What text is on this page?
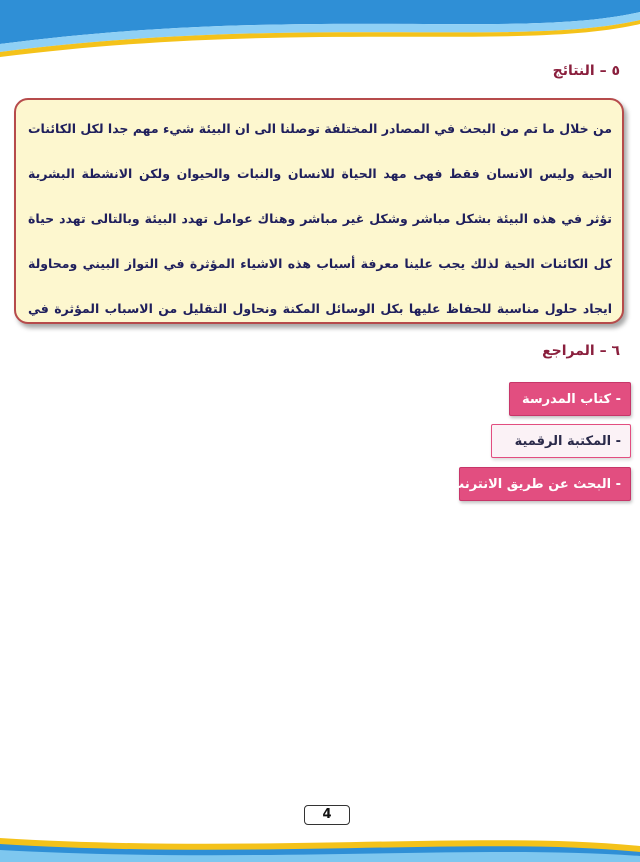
٥ – النتائج

من خلال ما تم من البحث في المصادر المختلفة توصلنا الى ان البيئة شيء مهم جدا لكل الكائنات الحية وليس الانسان فقط فهى مهد الحياة للانسان والنبات والحيوان ولكن الانشطة البشرية تؤثر في هذه البيئة بشكل مباشر وشكل غير مباشر وهناك عوامل تهدد البيئة وبالتالى تهدد حياة كل الكائنات الحية لذلك يجب علينا معرفة أسباب هذه الاشياء المؤثرة في التواز البيني ومحاولة ايجاد حلول مناسبة للحفاظ عليها بكل الوسائل المكنة ونحاول التقليل من الاسباب المؤثرة في

٦ – المراجع
- كتاب المدرسة
- المكتبة الرقمية
- البحث عن طريق الانترنت
4
